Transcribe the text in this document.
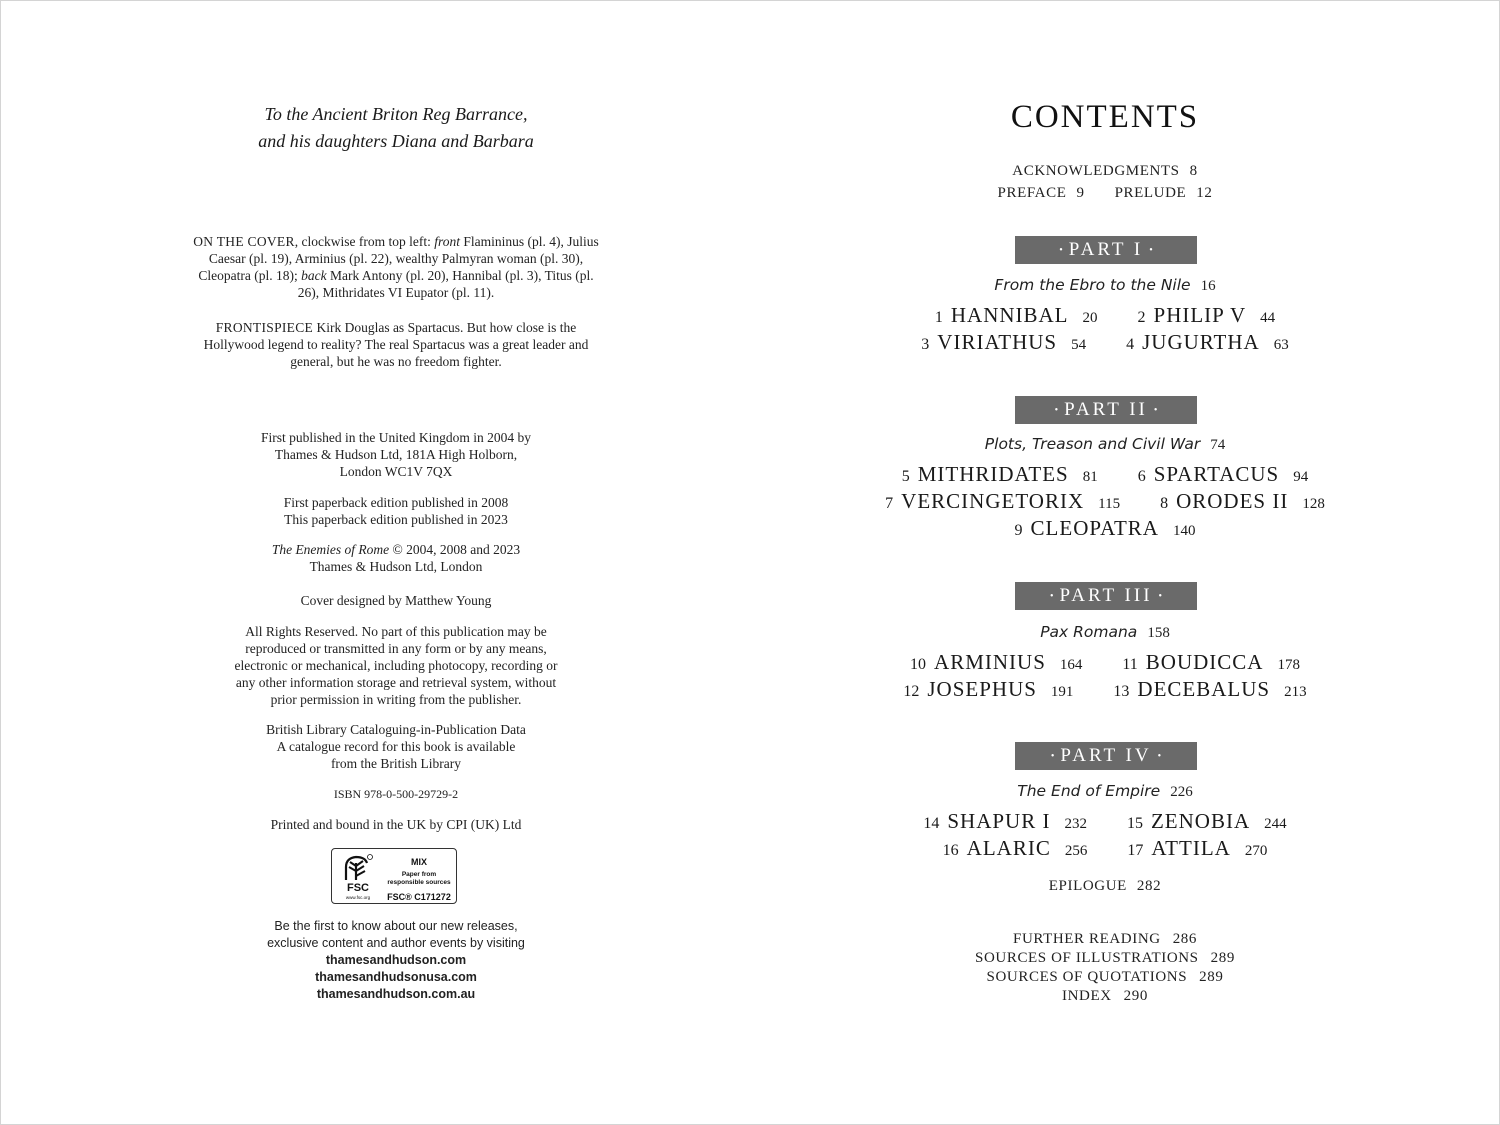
To the Ancient Briton Reg Barrance,
and his daughters Diana and Barbara
ON THE COVER, clockwise from top left: front Flamininus (pl. 4), Julius Caesar (pl. 19), Arminius (pl. 22), wealthy Palmyran woman (pl. 30), Cleopatra (pl. 18); back Mark Antony (pl. 20), Hannibal (pl. 3), Titus (pl. 26), Mithridates VI Eupator (pl. 11).
FRONTISPIECE Kirk Douglas as Spartacus. But how close is the Hollywood legend to reality? The real Spartacus was a great leader and general, but he was no freedom fighter.
First published in the United Kingdom in 2004 by
Thames & Hudson Ltd, 181A High Holborn,
London WC1V 7QX
First paperback edition published in 2008
This paperback edition published in 2023
The Enemies of Rome © 2004, 2008 and 2023
Thames & Hudson Ltd, London
Cover designed by Matthew Young
All Rights Reserved. No part of this publication may be
reproduced or transmitted in any form or by any means,
electronic or mechanical, including photocopy, recording or
any other information storage and retrieval system, without
prior permission in writing from the publisher.
British Library Cataloguing-in-Publication Data
A catalogue record for this book is available
from the British Library
ISBN 978-0-500-29729-2
Printed and bound in the UK by CPI (UK) Ltd
FSC
www.fsc.org
MIX
Paper from
responsible sources
FSC® C171272
Be the first to know about our new releases,
exclusive content and author events by visiting
thamesandhudson.com
thamesandhudsonusa.com
thamesandhudson.com.au
CONTENTS
ACKNOWLEDGMENTS 8
PREFACE 9 PRELUDE 12
• PART I •
From the Ebro to the Nile 16
1 HANNIBAL 20	2 PHILIP V 44
3 VIRIATHUS 54	4 JUGURTHA 63
• PART II •
Plots, Treason and Civil War 74
5 MITHRIDATES 81	6 SPARTACUS 94
7 VERCINGETORIX 115	8 ORODES II 128
9 CLEOPATRA 140
• PART III •
Pax Romana 158
10 ARMINIUS 164	11 BOUDICCA 178
12 JOSEPHUS 191	13 DECEBALUS 213
• PART IV •
The End of Empire 226
14 SHAPUR I 232	15 ZENOBIA 244
16 ALARIC 256	17 ATTILA 270
EPILOGUE 282
FURTHER READING 286
SOURCES OF ILLUSTRATIONS 289
SOURCES OF QUOTATIONS 289
INDEX 290
